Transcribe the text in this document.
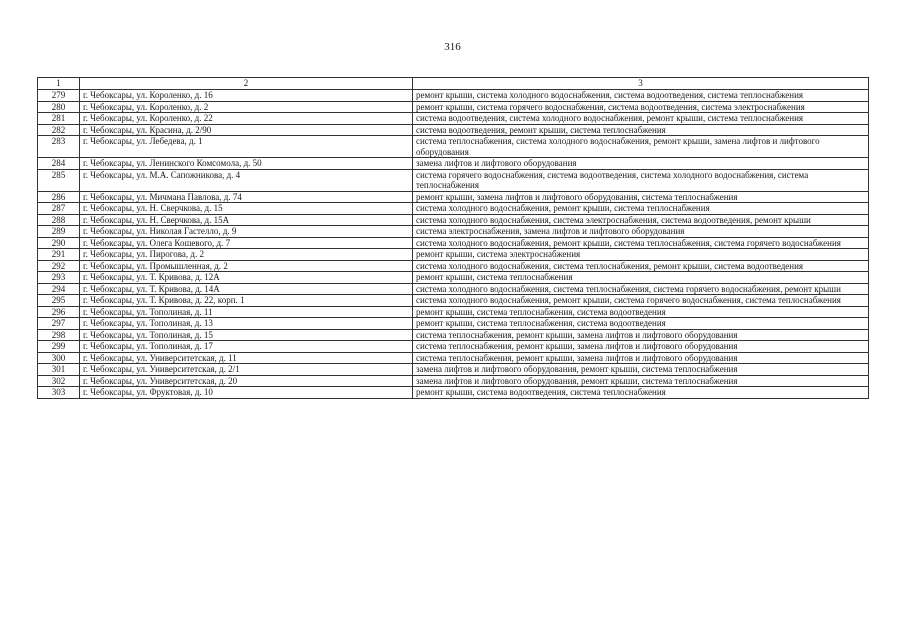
316
1	2	3
279	г. Чебоксары, ул. Короленко, д. 16	ремонт крыши, система холодного водоснабжения, система водоотведения, система теплоснабжения
280	г. Чебоксары, ул. Короленко, д. 2	ремонт крыши, система горячего водоснабжения, система водоотведения, система электроснабжения
281	г. Чебоксары, ул. Короленко, д. 22	система водоотведения, система холодного водоснабжения, ремонт крыши, система теплоснабжения
282	г. Чебоксары, ул. Красина, д. 2/90	система водоотведения, ремонт крыши, система теплоснабжения
283	г. Чебоксары, ул. Лебедева, д. 1	система теплоснабжения, система холодного водоснабжения, ремонт крыши, замена лифтов и лифтового оборудования
284	г. Чебоксары, ул. Ленинского Комсомола, д. 50	замена лифтов и лифтового оборудования
285	г. Чебоксары, ул. М.А. Сапожникова, д. 4	система горячего водоснабжения, система водоотведения, система холодного водоснабжения, система теплоснабжения
286	г. Чебоксары, ул. Мичмана Павлова, д. 74	ремонт крыши, замена лифтов и лифтового оборудования, система теплоснабжения
287	г. Чебоксары, ул. Н. Сверчкова, д. 15	система холодного водоснабжения, ремонт крыши, система теплоснабжения
288	г. Чебоксары, ул. Н. Сверчкова, д. 15А	система холодного водоснабжения, система электроснабжения, система водоотведения, ремонт крыши
289	г. Чебоксары, ул. Николая Гастелло, д. 9	система электроснабжения, замена лифтов и лифтового оборудования
290	г. Чебоксары, ул. Олега Кошевого, д. 7	система холодного водоснабжения, ремонт крыши, система теплоснабжения, система горячего водоснабжения
291	г. Чебоксары, ул. Пирогова, д. 2	ремонт крыши, система электроснабжения
292	г. Чебоксары, ул. Промышленная, д. 2	система холодного водоснабжения, система теплоснабжения, ремонт крыши, система водоотведения
293	г. Чебоксары, ул. Т. Кривова, д. 12А	ремонт крыши, система теплоснабжения
294	г. Чебоксары, ул. Т. Кривова, д. 14А	система холодного водоснабжения, система теплоснабжения, система горячего водоснабжения, ремонт крыши
295	г. Чебоксары, ул. Т. Кривова, д. 22, корп. 1	система холодного водоснабжения, ремонт крыши, система горячего водоснабжения, система теплоснабжения
296	г. Чебоксары, ул. Тополиная, д. 11	ремонт крыши, система теплоснабжения, система водоотведения
297	г. Чебоксары, ул. Тополиная, д. 13	ремонт крыши, система теплоснабжения, система водоотведения
298	г. Чебоксары, ул. Тополиная, д. 15	система теплоснабжения, ремонт крыши, замена лифтов и лифтового оборудования
299	г. Чебоксары, ул. Тополиная, д. 17	система теплоснабжения, ремонт крыши, замена лифтов и лифтового оборудования
300	г. Чебоксары, ул. Университетская, д. 11	система теплоснабжения, ремонт крыши, замена лифтов и лифтового оборудования
301	г. Чебоксары, ул. Университетская, д. 2/1	замена лифтов и лифтового оборудования, ремонт крыши, система теплоснабжения
302	г. Чебоксары, ул. Университетская, д. 20	замена лифтов и лифтового оборудования, ремонт крыши, система теплоснабжения
303	г. Чебоксары, ул. Фруктовая, д. 10	ремонт крыши, система водоотведения, система теплоснабжения
